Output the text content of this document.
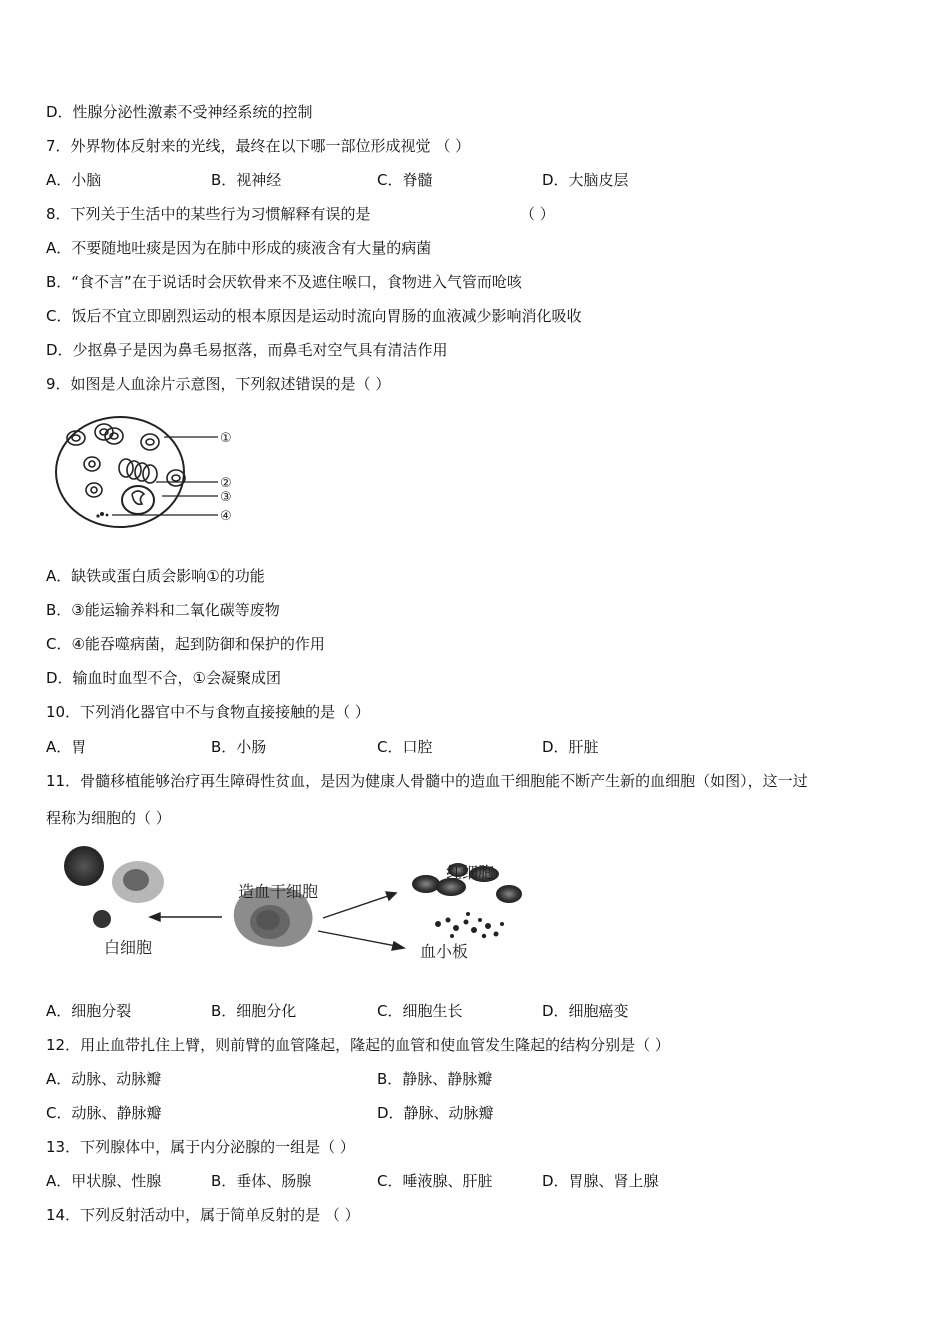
D．性腺分泌性激素不受神经系统的控制
7．外界物体反射来的光线，最终在以下哪一部位形成视觉 （ ）
A．小脑	B．视神经	C．脊髓	D．大脑皮层
8．下列关于生活中的某些行为习惯解释有误的是	（ ）
A．不要随地吐痰是因为在肺中形成的痰液含有大量的病菌
B．“食不言”在于说话时会厌软骨来不及遮住喉口，食物进入气管而呛咳
C．饭后不宜立即剧烈运动的根本原因是运动时流向胃肠的血液减少影响消化吸收
D．少抠鼻子是因为鼻毛易抠落，而鼻毛对空气具有清洁作用
9．如图是人血涂片示意图，下列叙述错误的是（ ）
①
②
③
④
A．缺铁或蛋白质会影响①的功能
B．③能运输养料和二氧化碳等废物
C．④能吞噬病菌，起到防御和保护的作用
D．输血时血型不合，①会凝聚成团
10．下列消化器官中不与食物直接接触的是（ ）
A．胃	B．小肠	C．口腔	D．肝脏
11．骨髓移植能够治疗再生障碍性贫血，是因为健康人骨髓中的造血干细胞能不断产生新的血细胞（如图），这一过
程称为细胞的（ ）
造血干细胞
红细胞
白细胞	血小板
A．细胞分裂	B．细胞分化	C．细胞生长	D．细胞癌变
12．用止血带扎住上臂，则前臂的血管隆起，隆起的血管和使血管发生隆起的结构分别是（ ）
A．动脉、动脉瓣	B．静脉、静脉瓣
C．动脉、静脉瓣	D．静脉、动脉瓣
13．下列腺体中，属于内分泌腺的一组是（ ）
A．甲状腺、性腺	B．垂体、肠腺	C．唾液腺、肝脏	D．胃腺、肾上腺
14．下列反射活动中，属于简单反射的是 （ ）
